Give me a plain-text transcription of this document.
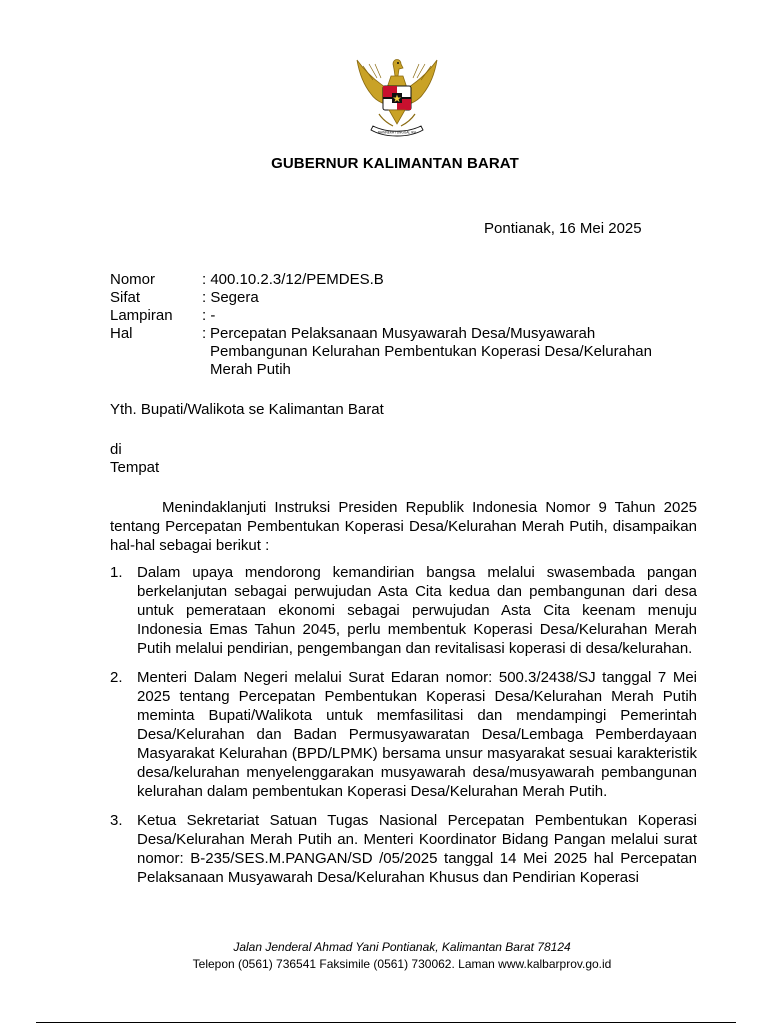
BHINNEKA TUNGGAL IKA
GUBERNUR KALIMANTAN BARAT
Pontianak, 16 Mei 2025
Nomor	: 400.10.2.3/12/PEMDES.B
Sifat	: Segera
Lampiran	: -
Hal	: Percepatan Pelaksanaan Musyawarah Desa/Musyawarah Pembangunan Kelurahan Pembentukan Koperasi Desa/Kelurahan Merah Putih
Yth. Bupati/Walikota se Kalimantan Barat
di
Tempat

Menindaklanjuti Instruksi Presiden Republik Indonesia Nomor 9 Tahun 2025 tentang Percepatan Pembentukan Koperasi Desa/Kelurahan Merah Putih, disampaikan hal-hal sebagai berikut :

1. Dalam upaya mendorong kemandirian bangsa melalui swasembada pangan berkelanjutan sebagai perwujudan Asta Cita kedua dan pembangunan dari desa untuk pemerataan ekonomi sebagai perwujudan Asta Cita keenam menuju Indonesia Emas Tahun 2045, perlu membentuk Koperasi Desa/Kelurahan Merah Putih melalui pendirian, pengembangan dan revitalisasi koperasi di desa/kelurahan.
2. Menteri Dalam Negeri melalui Surat Edaran nomor: 500.3/2438/SJ tanggal 7 Mei 2025 tentang Percepatan Pembentukan Koperasi Desa/Kelurahan Merah Putih meminta Bupati/Walikota untuk memfasilitasi dan mendampingi Pemerintah Desa/Kelurahan dan Badan Permusyawaratan Desa/Lembaga Pemberdayaan Masyarakat Kelurahan (BPD/LPMK) bersama unsur masyarakat sesuai karakteristik desa/kelurahan menyelenggarakan musyawarah desa/musyawarah pembangunan kelurahan dalam pembentukan Koperasi Desa/Kelurahan Merah Putih.
3. Ketua Sekretariat Satuan Tugas Nasional Percepatan Pembentukan Koperasi Desa/Kelurahan Merah Putih an. Menteri Koordinator Bidang Pangan melalui surat nomor: B-235/SES.M.PANGAN/SD /05/2025 tanggal 14 Mei 2025 hal Percepatan Pelaksanaan Musyawarah Desa/Kelurahan Khusus dan Pendirian Koperasi
Jalan Jenderal Ahmad Yani Pontianak, Kalimantan Barat 78124
Telepon (0561) 736541 Faksimile (0561) 730062. Laman www.kalbarprov.go.id
